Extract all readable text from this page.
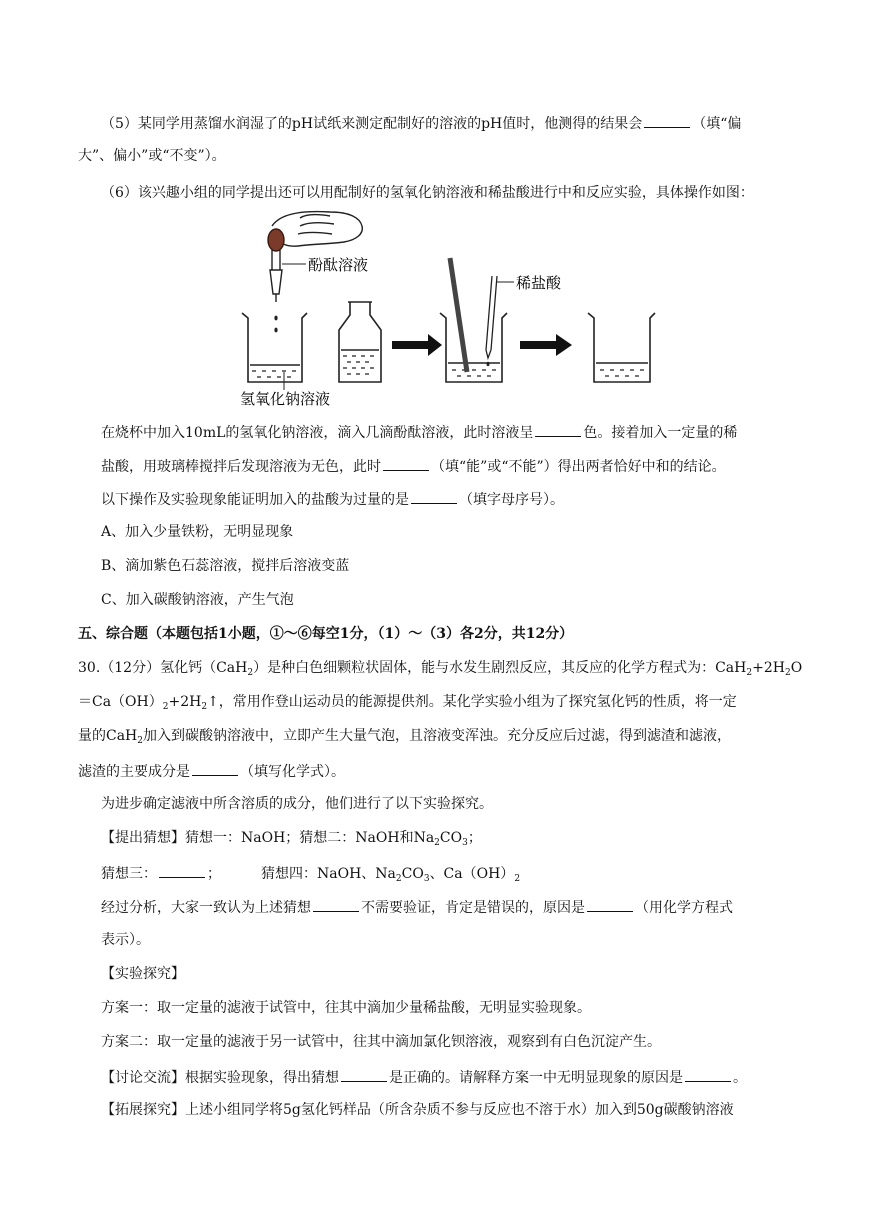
（5）某同学用蒸馏水润湿了的pH试纸来测定配制好的溶液的pH值时，他测得的结果会	（填“偏
大”、偏小”或“不变”）。
（6）该兴趣小组的同学提出还可以用配制好的氢氧化钠溶液和稀盐酸进行中和反应实验，具体操作如图：
酚酞溶液
氢氧化钠溶液
稀盐酸
在烧杯中加入10mL的氢氧化钠溶液，滴入几滴酚酞溶液，此时溶液呈	色。接着加入一定量的稀
盐酸，用玻璃棒搅拌后发现溶液为无色，此时	（填“能”或“不能”）得出两者恰好中和的结论。
以下操作及实验现象能证明加入的盐酸为过量的是	（填字母序号）。
A、加入少量铁粉，无明显现象
B、滴加紫色石蕊溶液，搅拌后溶液变蓝
C、加入碳酸钠溶液，产生气泡
五、综合题（本题包括1小题，①～⑥每空1分，（1）～（3）各2分，共12分）
30.（12分）氢化钙（CaH$_2$）是种白色细颗粒状固体，能与水发生剧烈反应，其反应的化学方程式为：$CaH_2+2H_2O$
$=Ca(OH)_2+2H_2↑$，常用作登山运动员的能源提供剂。某化学实验小组为了探究氢化钙的性质，将一定
量的CaH$_2$加入到碳酸钠溶液中，立即产生大量气泡，且溶液变浑浊。充分反应后过滤，得到滤渣和滤液，
滤渣的主要成分是	（填写化学式）。
为进步确定滤液中所含溶质的成分，他们进行了以下实验探究。
【提出猜想】猜想一：NaOH；猜想二：NaOH和$Na_2CO_3$；
猜想三：	；	猜想四：NaOH、$Na_2CO_3$、$Ca(OH)_2$
经过分析，大家一致认为上述猜想	不需要验证，肯定是错误的，原因是	（用化学方程式
表示）。
【实验探究】
方案一：取一定量的滤液于试管中，往其中滴加少量稀盐酸，无明显实验现象。
方案二：取一定量的滤液于另一试管中，往其中滴加氯化钡溶液，观察到有白色沉淀产生。
【讨论交流】根据实验现象，得出猜想	是正确的。请解释方案一中无明显现象的原因是	。
【拓展探究】上述小组同学将5g氢化钙样品（所含杂质不参与反应也不溶于水）加入到50g碳酸钠溶液
